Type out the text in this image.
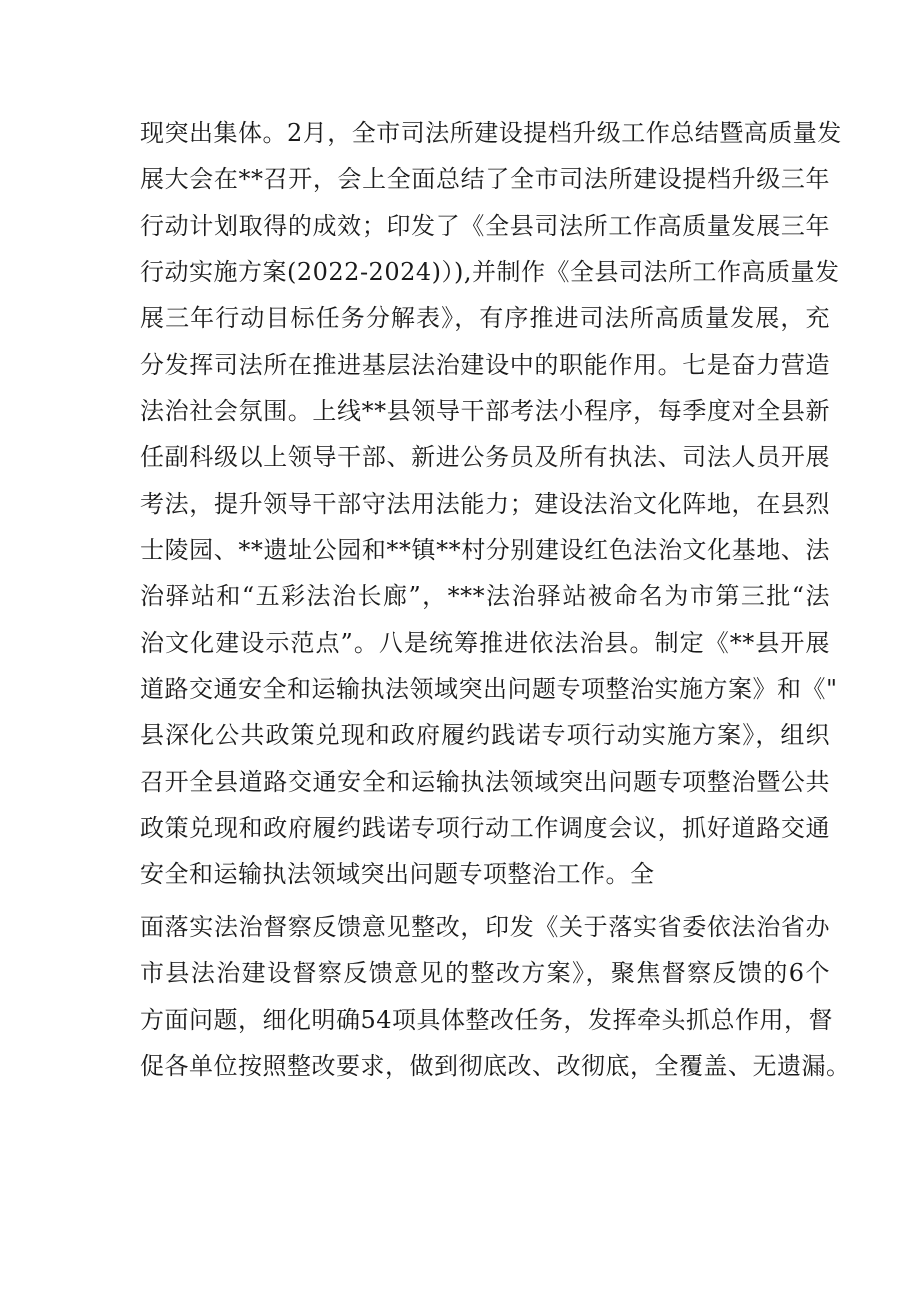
现突出集体。2月，全市司法所建设提档升级工作总结暨高质量发

展大会在**召开，会上全面总结了全市司法所建设提档升级三年

行动计划取得的成效；印发了《全县司法所工作高质量发展三年

行动实施方案(2022-2024)）),并制作《全县司法所工作高质量发

展三年行动目标任务分解表》，有序推进司法所高质量发展，充

分发挥司法所在推进基层法治建设中的职能作用。七是奋力营造

法治社会氛围。上线**县领导干部考法小程序，每季度对全县新

任副科级以上领导干部、新进公务员及所有执法、司法人员开展

考法，提升领导干部守法用法能力；建设法治文化阵地，在县烈

士陵园、**遗址公园和**镇**村分别建设红色法治文化基地、法

治驿站和“五彩法治长廊”，***法治驿站被命名为市第三批“法

治文化建设示范点”。八是统筹推进依法治县。制定《**县开展

道路交通安全和运输执法领域突出问题专项整治实施方案》和《"

县深化公共政策兑现和政府履约践诺专项行动实施方案》，组织

召开全县道路交通安全和运输执法领域突出问题专项整治暨公共

政策兑现和政府履约践诺专项行动工作调度会议，抓好道路交通

安全和运输执法领域突出问题专项整治工作。全

面落实法治督察反馈意见整改，印发《关于落实省委依法治省办

市县法治建设督察反馈意见的整改方案》，聚焦督察反馈的6个

方面问题，细化明确54项具体整改任务，发挥牵头抓总作用，督

促各单位按照整改要求，做到彻底改、改彻底，全覆盖、无遗漏。
